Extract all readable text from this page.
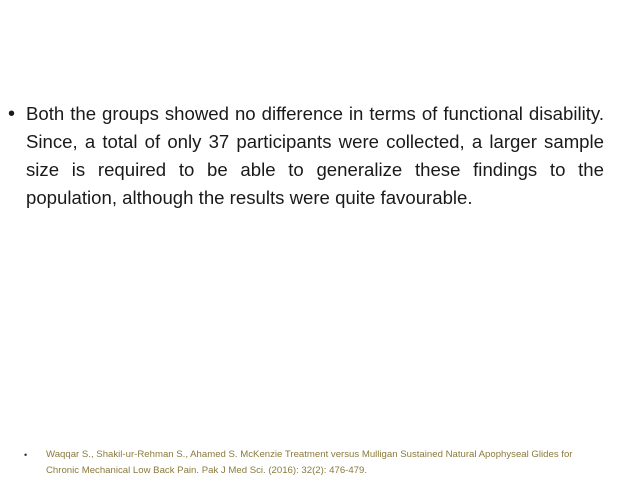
• Both the groups showed no difference in terms of functional disability. Since, a total of only 37 participants were collected, a larger sample size is required to be able to generalize these findings to the population, although the results were quite favourable.

•	Waqqar S., Shakil-ur-Rehman S., Ahamed S. McKenzie Treatment versus Mulligan Sustained Natural Apophyseal Glides for Chronic Mechanical Low Back Pain. Pak J Med Sci. (2016): 32(2): 476-479.
